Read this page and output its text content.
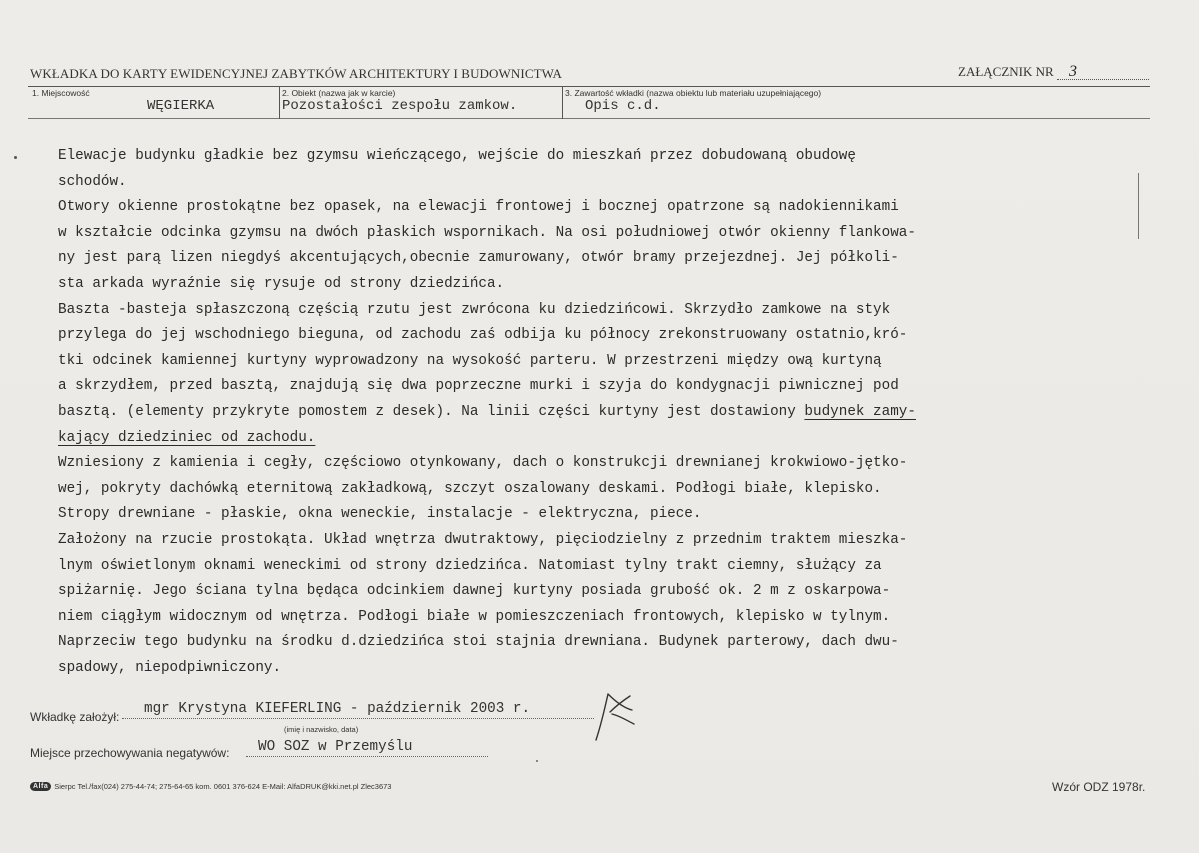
WKŁADKA DO KARTY EWIDENCYJNEJ ZABYTKÓW ARCHITEKTURY I BUDOWNICTWA	ZAŁĄCZNIK NR 3
1. Miejscowość
WĘGIERKA
2. Obiekt (nazwa jak w karcie)
Pozostałości zespołu zamkow.
3. Zawartość wkładki (nazwa obiektu lub materiału uzupełniającego)
Opis c.d.
Elewacje budynku gładkie bez gzymsu wieńczącego, wejście do mieszkań przez dobudowaną obudowę
schodów.
Otwory okienne prostokątne bez opasek, na elewacji frontowej i bocznej opatrzone są nadokiennikami
w kształcie odcinka gzymsu na dwóch płaskich wspornikach. Na osi południowej otwór okienny flankowa-
ny jest parą lizen niegdyś akcentujących,obecnie zamurowany, otwór bramy przejezdnej. Jej półkoli-
sta arkada wyraźnie się rysuje od strony dziedzińca.
Baszta -basteja spłaszczoną częścią rzutu jest zwrócona ku dziedzińcowi. Skrzydło zamkowe na styk
przylega do jej wschodniego bieguna, od zachodu zaś odbija ku północy zrekonstruowany ostatnio,kró-
tki odcinek kamiennej kurtyny wyprowadzony na wysokość parteru. W przestrzeni między ową kurtyną
a skrzydłem, przed basztą, znajdują się dwa poprzeczne murki i szyja do kondygnacji piwnicznej pod
basztą. (elementy przykryte pomostem z desek). Na linii części kurtyny jest dostawiony budynek zamy-
kający dziedziniec od zachodu.
Wzniesiony z kamienia i cegły, częściowo otynkowany, dach o konstrukcji drewnianej krokwiowo-jętko-
wej, pokryty dachówką eternitową zakładkową, szczyt oszalowany deskami. Podłogi białe, klepisko.
Stropy drewniane - płaskie, okna weneckie, instalacje - elektryczna, piece.
Założony na rzucie prostokąta. Układ wnętrza dwutraktowy, pięciodzielny z przednim traktem mieszka-
lnym oświetlonym oknami weneckimi od strony dziedzińca. Natomiast tylny trakt ciemny, służący za
spiżarnię. Jego ściana tylna będąca odcinkiem dawnej kurtyny posiada grubość ok. 2 m z oskarpowa-
niem ciągłym widocznym od wnętrza. Podłogi białe w pomieszczeniach frontowych, klepisko w tylnym.
Naprzeciw tego budynku na środku d.dziedzińca stoi stajnia drewniana. Budynek parterowy, dach dwu-
spadowy, niepodpiwniczony.
Wkładkę założył:	mgr Krystyna KIEFERLING - październik 2003 r.
(imię i nazwisko, data)
Miejsce przechowywania negatywów:	WO SOZ w Przemyślu
Alfa Sierpc Tel./fax(024) 275-44-74; 275-64-65 kom. 0601 376-624 E-Mail: AlfaDRUK@kki.net.pl Zlec3673	Wzór ODZ 1978r.
